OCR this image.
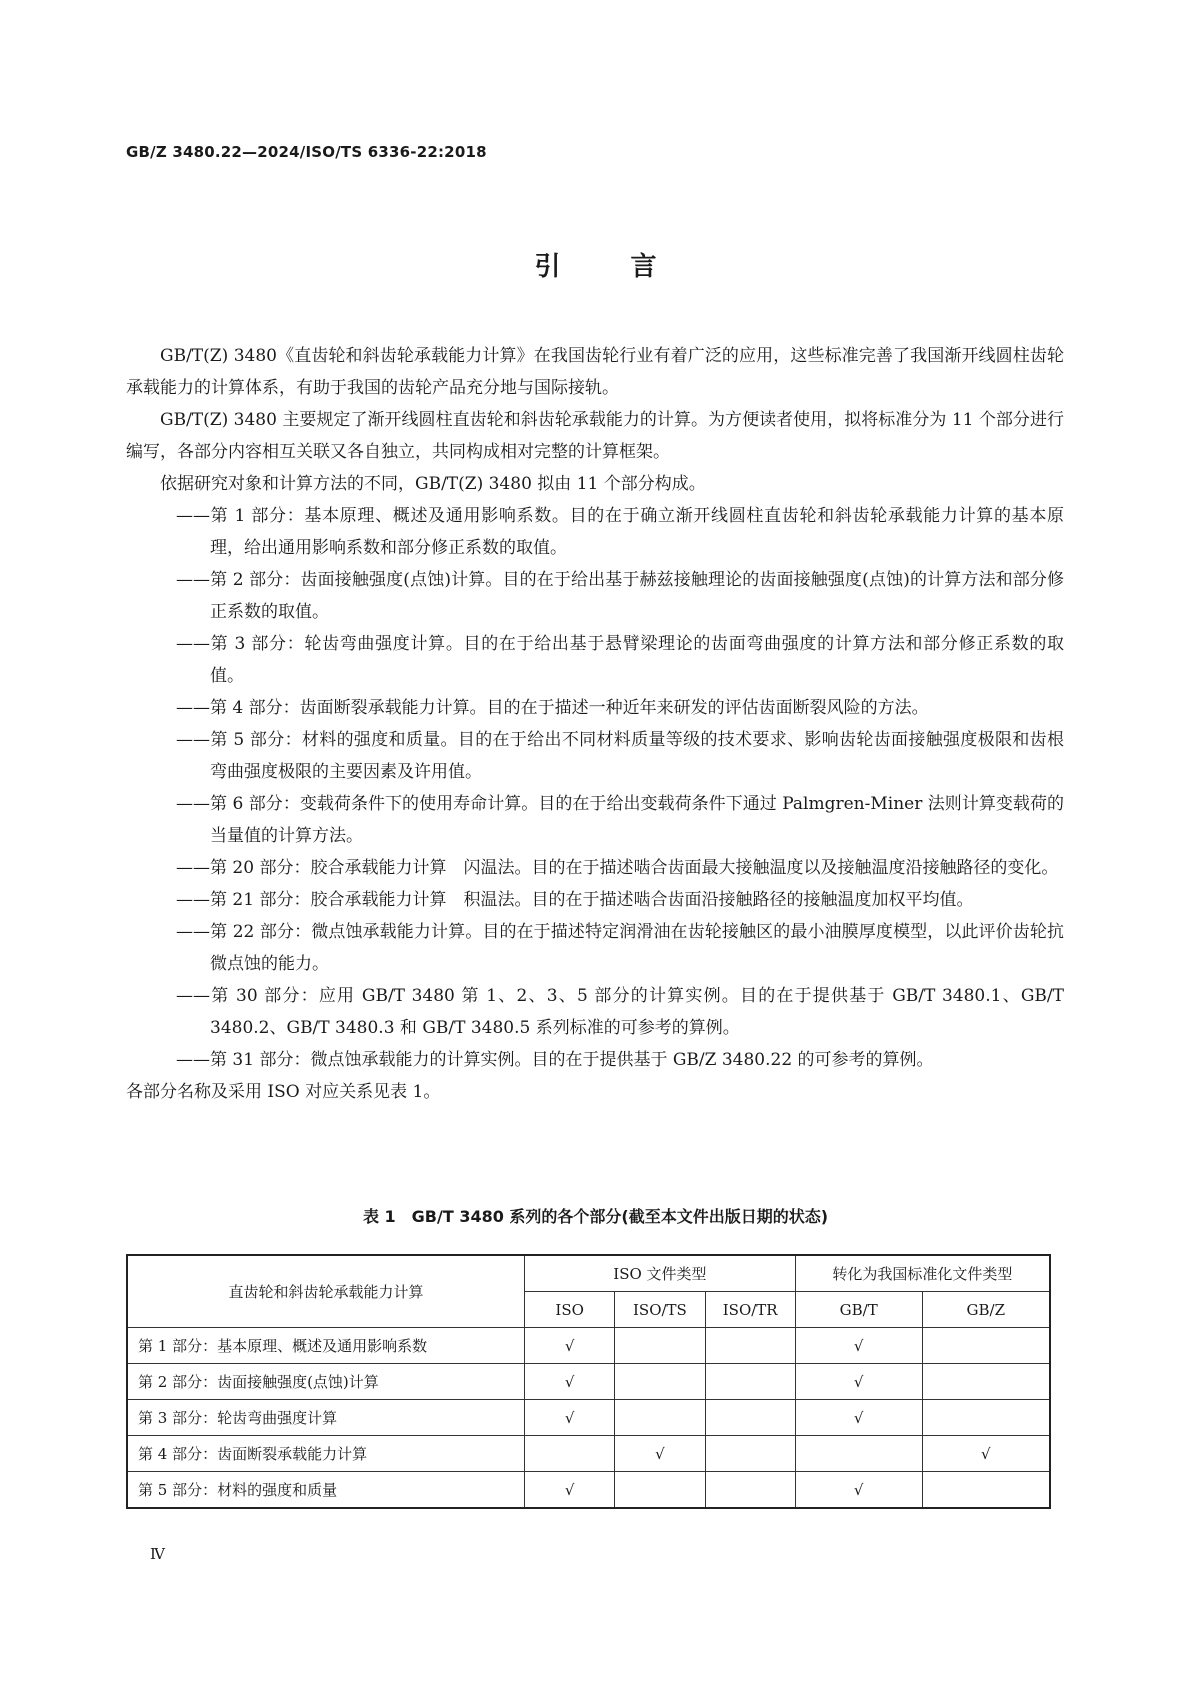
GB/Z 3480.22—2024/ISO/TS 6336-22:2018
引	言

GB/T(Z) 3480《直齿轮和斜齿轮承载能力计算》在我国齿轮行业有着广泛的应用，这些标准完善了我国渐开线圆柱齿轮承载能力的计算体系，有助于我国的齿轮产品充分地与国际接轨。

GB/T(Z) 3480 主要规定了渐开线圆柱直齿轮和斜齿轮承载能力的计算。为方便读者使用，拟将标准分为 11 个部分进行编写，各部分内容相互关联又各自独立，共同构成相对完整的计算框架。

依据研究对象和计算方法的不同，GB/T(Z) 3480 拟由 11 个部分构成。

——第 1 部分：基本原理、概述及通用影响系数。目的在于确立渐开线圆柱直齿轮和斜齿轮承载能力计算的基本原理，给出通用影响系数和部分修正系数的取值。

——第 2 部分：齿面接触强度(点蚀)计算。目的在于给出基于赫兹接触理论的齿面接触强度(点蚀)的计算方法和部分修正系数的取值。

——第 3 部分：轮齿弯曲强度计算。目的在于给出基于悬臂梁理论的齿面弯曲强度的计算方法和部分修正系数的取值。

——第 4 部分：齿面断裂承载能力计算。目的在于描述一种近年来研发的评估齿面断裂风险的方法。

——第 5 部分：材料的强度和质量。目的在于给出不同材料质量等级的技术要求、影响齿轮齿面接触强度极限和齿根弯曲强度极限的主要因素及许用值。

——第 6 部分：变载荷条件下的使用寿命计算。目的在于给出变载荷条件下通过 Palmgren-Miner 法则计算变载荷的当量值的计算方法。

——第 20 部分：胶合承载能力计算　闪温法。目的在于描述啮合齿面最大接触温度以及接触温度沿接触路径的变化。

——第 21 部分：胶合承载能力计算　积温法。目的在于描述啮合齿面沿接触路径的接触温度加权平均值。

——第 22 部分：微点蚀承载能力计算。目的在于描述特定润滑油在齿轮接触区的最小油膜厚度模型，以此评价齿轮抗微点蚀的能力。

——第 30 部分：应用 GB/T 3480 第 1、2、3、5 部分的计算实例。目的在于提供基于 GB/T 3480.1、GB/T 3480.2、GB/T 3480.3 和 GB/T 3480.5 系列标准的可参考的算例。

——第 31 部分：微点蚀承载能力的计算实例。目的在于提供基于 GB/Z 3480.22 的可参考的算例。

各部分名称及采用 ISO 对应关系见表 1。

表 1　GB/T 3480 系列的各个部分(截至本文件出版日期的状态)
直齿轮和斜齿轮承载能力计算	ISO 文件类型			转化为我国标准化文件类型	
	ISO	ISO/TS	ISO/TR	GB/T	GB/Z
第 1 部分：基本原理、概述及通用影响系数	√			√	
第 2 部分：齿面接触强度(点蚀)计算	√			√	
第 3 部分：轮齿弯曲强度计算	√			√	
第 4 部分：齿面断裂承载能力计算		√			√
第 5 部分：材料的强度和质量	√			√	
Ⅳ
